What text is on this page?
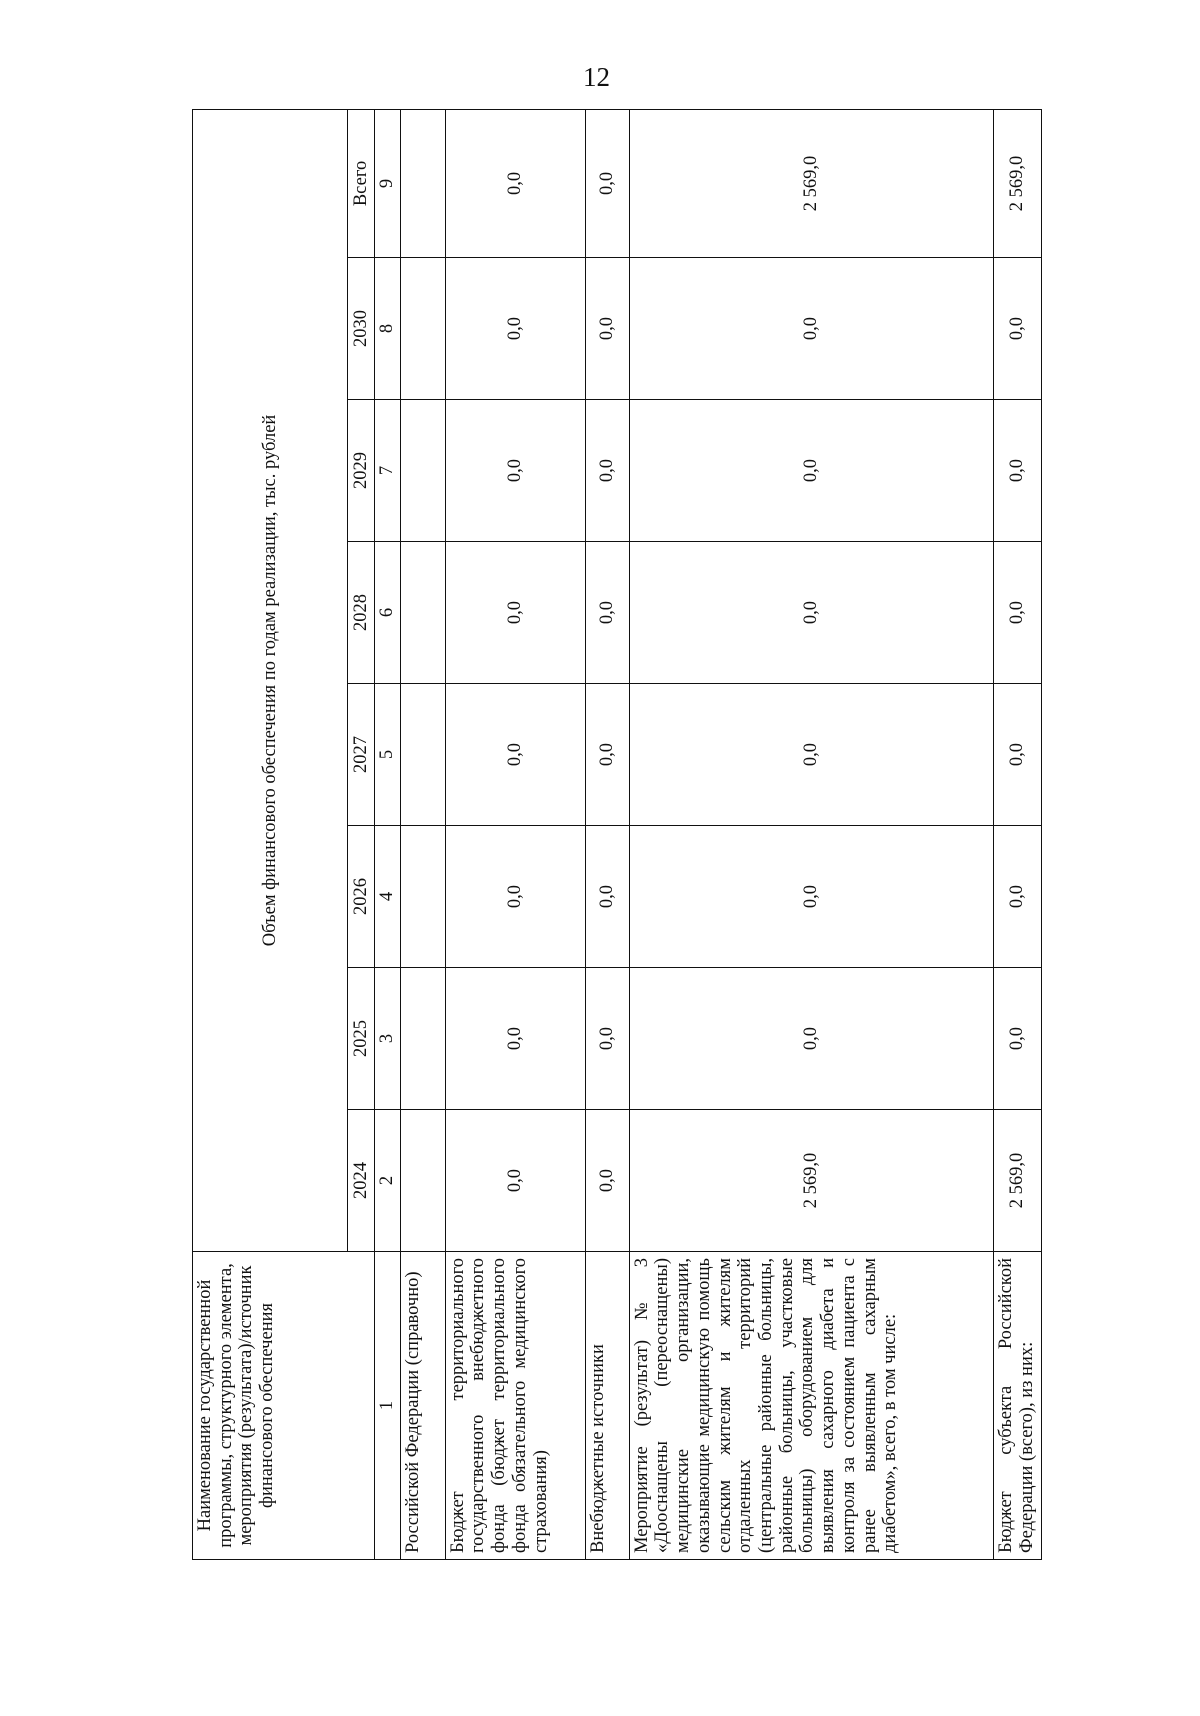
12
Наименование государственной программы, структурного элемента, мероприятия (результата)/источник финансового обеспечения	Объем финансового обеспечения по годам реализации, тыс. рублей							
	2024	2025	2026	2027	2028	2029	2030	Всего
1	2	3	4	5	6	7	8	9
Российской Федерации (справочно)								
Бюджет территориального государственного внебюджетного фонда (бюджет территориального фонда обязательного медицинского страхования)	0,0	0,0	0,0	0,0	0,0	0,0	0,0	0,0
Внебюджетные источники	0,0	0,0	0,0	0,0	0,0	0,0	0,0	0,0
Мероприятие (результат) № 3 «Дооснащены (переоснащены) медицинские организации, оказывающие медицинскую помощь сельским жителям и жителям отдаленных территорий (центральные районные больницы, районные больницы, участковые больницы) оборудованием для выявления сахарного диабета и контроля за состоянием пациента с ранее выявленным сахарным диабетом», всего, в том числе:	2 569,0	0,0	0,0	0,0	0,0	0,0	0,0	2 569,0
Бюджет субъекта Российской Федерации (всего), из них:	2 569,0	0,0	0,0	0,0	0,0	0,0	0,0	2 569,0
